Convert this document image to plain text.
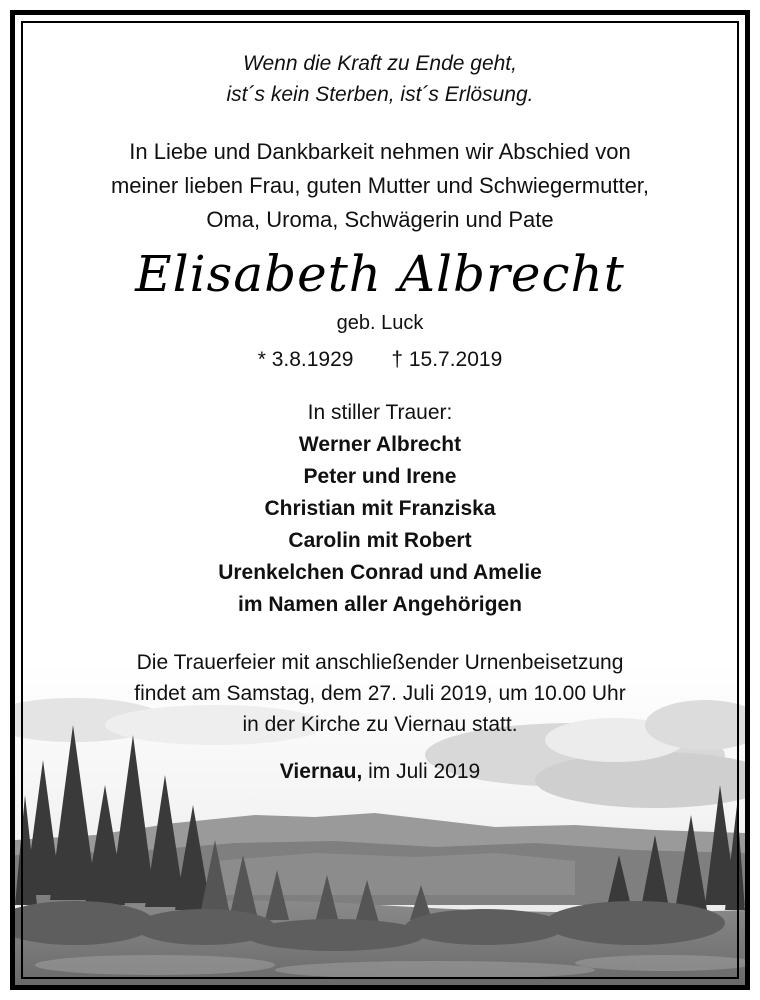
Wenn die Kraft zu Ende geht,
ist´s kein Sterben, ist´s Erlösung.
In Liebe und Dankbarkeit nehmen wir Abschied von
meiner lieben Frau, guten Mutter und Schwiegermutter,
Oma, Uroma, Schwägerin und Pate
Elisabeth Albrecht
geb. Luck
* 3.8.1929 † 15.7.2019
In stiller Trauer:
Werner Albrecht
Peter und Irene
Christian mit Franziska
Carolin mit Robert
Urenkelchen Conrad und Amelie
im Namen aller Angehörigen
Die Trauerfeier mit anschließender Urnenbeisetzung
findet am Samstag, dem 27. Juli 2019, um 10.00 Uhr
in der Kirche zu Viernau statt.
Viernau, im Juli 2019
